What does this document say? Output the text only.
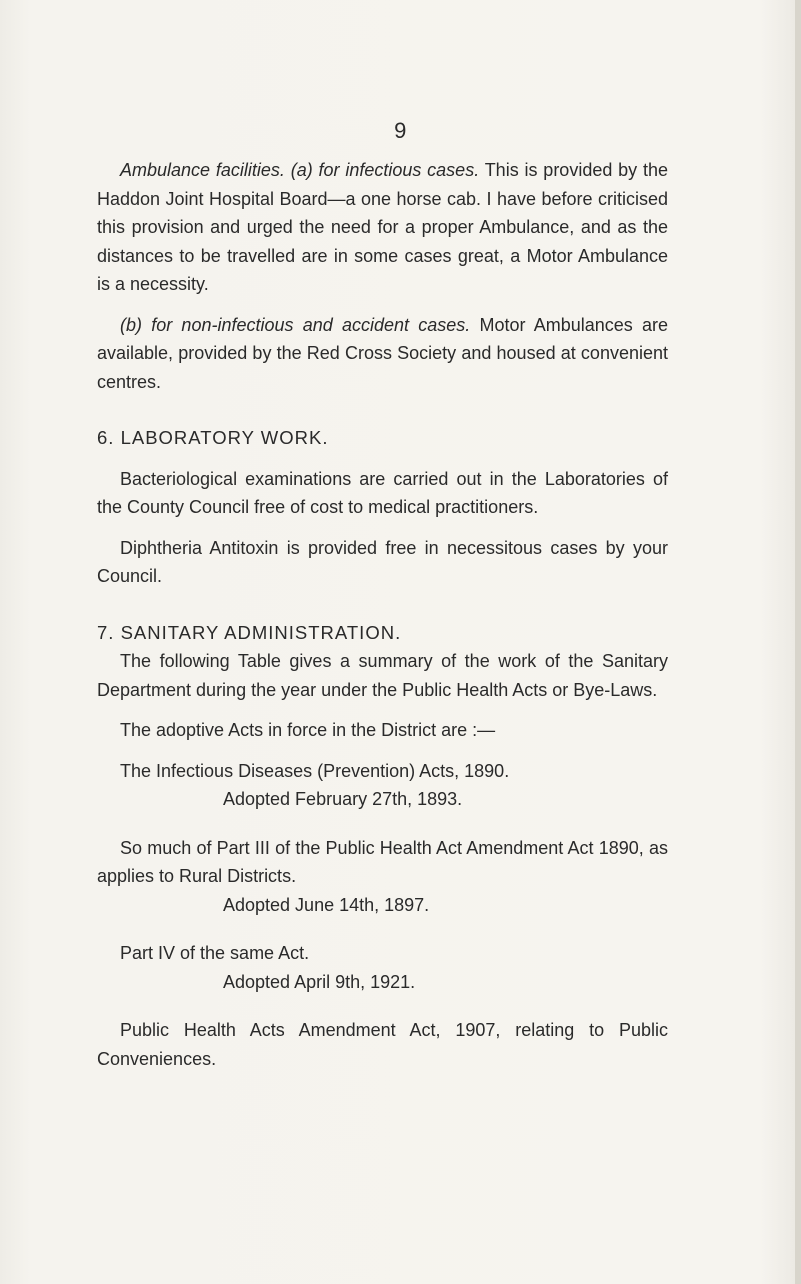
9

Ambulance facilities. (a) for infectious cases. This is provided by the Haddon Joint Hospital Board—a one horse cab. I have before criticised this provision and urged the need for a proper Ambulance, and as the distances to be travelled are in some cases great, a Motor Ambulance is a necessity.

(b) for non-infectious and accident cases. Motor Ambulances are available, provided by the Red Cross Society and housed at convenient centres.

6. LABORATORY WORK.

Bacteriological examinations are carried out in the Laboratories of the County Council free of cost to medical practitioners.

Diphtheria Antitoxin is provided free in necessitous cases by your Council.

7. SANITARY ADMINISTRATION.

The following Table gives a summary of the work of the Sanitary Department during the year under the Public Health Acts or Bye-Laws.

The adoptive Acts in force in the District are :—

The Infectious Diseases (Prevention) Acts, 1890.

Adopted February 27th, 1893.

So much of Part III of the Public Health Act Amendment Act 1890, as applies to Rural Districts.

Adopted June 14th, 1897.

Part IV of the same Act.

Adopted April 9th, 1921.

Public Health Acts Amendment Act, 1907, relating to Public Conveniences.
